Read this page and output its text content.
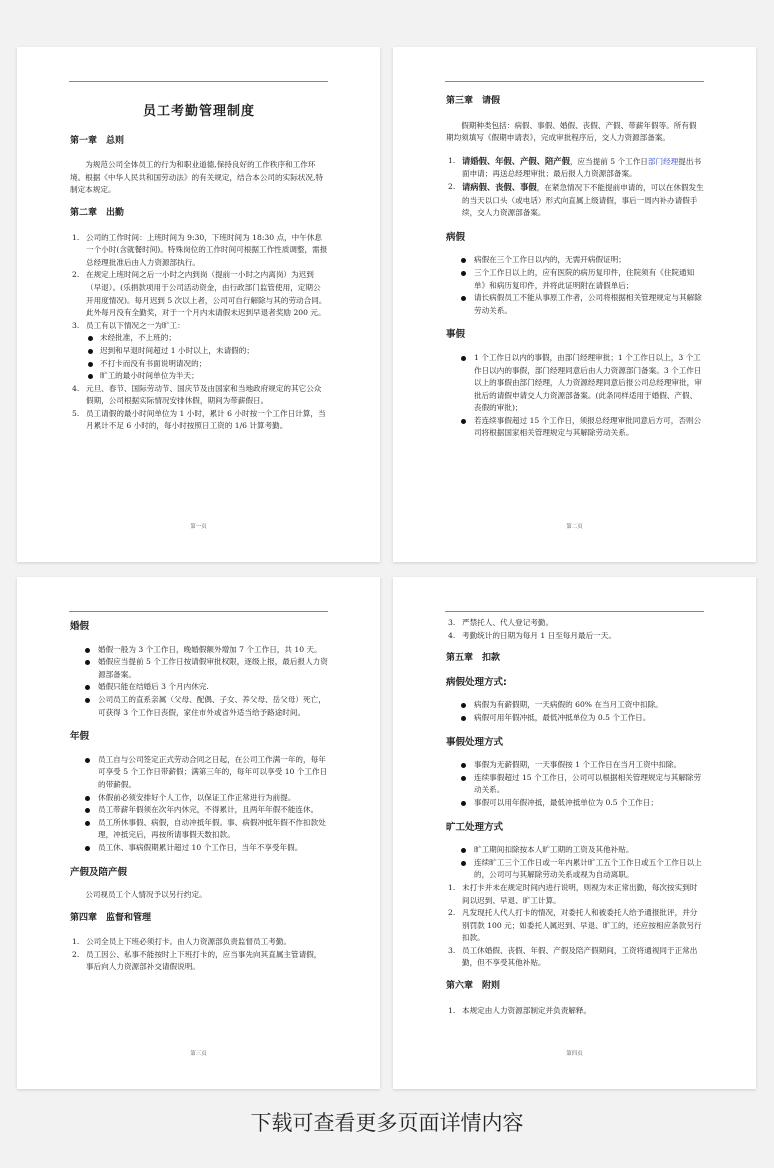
员工考勤管理制度
第一章　总则
为规范公司全体员工的行为和职业道德,保持良好的工作秩序和工作环境。根据《中华人民共和国劳动法》的有关规定，结合本公司的实际状况,特制定本规定。
第二章　出勤
1. 公司的工作时间：上班时间为 9:30，下班时间为 18:30 点，中午休息一个小时(含就餐时间)。特殊岗位的工作时间可根据工作性质调整，需报总经理批准后由人力资源部执行。
2. 在规定上班时间之后一小时之内到岗（提前一小时之内离岗）为迟到（早退）。(乐捐款项用于公司活动资金，由行政部门监管使用，定期公开用度情况)。每月迟到 5 次以上者，公司可自行解除与其的劳动合同。此外每月没有全勤奖，对于一个月内未请假未迟到早退者奖励 200 元。
3. 员工有以下情况之一为旷工：
未经批准，不上班的；
迟到和早退时间超过 1 小时以上，未请假的；
不打卡而没有书面说明请况的；
旷工的最小时间单位为半天；
4. 元旦、春节、国际劳动节、国庆节及由国家和当地政府规定的其它公众假期，公司根据实际情况安排休假，期间为带薪假日。
5. 员工请假的最小时间单位为 1 小时，累计 6 小时按一个工作日计算，当月累计不足 6 小时的，每小时按照日工资的 1/6 计算考勤。
第一页
第三章　请假
假期种类包括：病假、事假、婚假、丧假、产假、带薪年假等。所有假期均须填写《假期申请表》，完成审批程序后，交人力资源部备案。
1. 请婚假、年假、产假、陪产假，应当提前 5 个工作日部门经理提出书面申请；再送总经理审批；最后报人力资源部备案。
2. 请病假、丧假、事假，在紧急情况下不能提前申请的，可以在休假发生的当天以口头（或电话）形式向直属上级请假，事后一周内补办请假手续，交人力资源部备案。
病假
病假在三个工作日以内的，无需开病假证明；
三个工作日以上的，应有医院的病历复印件，住院须有《住院通知单》和病历复印件，并将此证明附在请假单后；
请长病假员工不能从事原工作者，公司将根据相关管理规定与其解除劳动关系。
事假
1 个工作日以内的事假，由部门经理审批；1 个工作日以上，3 个工作日以内的事假，部门经理同意后由人力资源部门备案。3 个工作日以上的事假由部门经理，人力资源经理同意后报公司总经理审批，审批后的请假申请交人力资源部备案。(此条同样适用于婚假、产假、丧假的审批)；
若连续事假超过 15 个工作日，须报总经理审批同意后方可，否则公司将根据国家相关管理规定与其解除劳动关系。
第二页
婚假
婚假一般为 3 个工作日，晚婚假额外增加 7 个工作日，共 10 天。
婚假应当提前 5 个工作日按请假审批权限，逐级上报，最后报人力资源部备案。
婚假只能在结婚后 3 个月内休完.
公司员工的直系亲属（父母、配偶、子女、养父母、岳父母）死亡，可获得 3 个工作日丧假，家住市外或省外适当给予路途时间。
年假
员工自与公司签定正式劳动合同之日起，在公司工作满一年的，每年可享受 5 个工作日带薪假；满第三年的，每年可以享受 10 个工作日的带薪假。
休假前必须安排好个人工作，以保证工作正常进行为前提。
员工带薪年假须在次年内休完，不得累计，且两年年假不能连休。
员工所休事假、病假，自动冲抵年假。事、病假冲抵年假不作扣款处理，冲抵完后，再按所请事假天数扣款。
员工休、事病假期累计超过 10 个工作日，当年不享受年假。
产假及陪产假
公司视员工个人情况予以另行约定。
第四章　监督和管理
1. 公司全员上下班必须打卡。由人力资源部负责监督员工考勤。
2. 员工因公、私事不能按时上下班打卡的，应当事先向其直属主管请假，事后向人力资源部补交请假说明。
第三页
3. 严禁托人、代人登记考勤。
4. 考勤统计的日期为每月 1 日至每月最后一天。
第五章　扣款
病假处理方式:
病假为有薪假期，一天病假的 60% 在当月工资中扣除。
病假可用年假冲抵，最低冲抵单位为 0.5 个工作日。
事假处理方式
事假为无薪假期，一天事假按 1 个工作日在当月工资中扣除。
连续事假超过 15 个工作日，公司可以根据相关管理规定与其解除劳动关系。
事假可以用年假冲抵，最低冲抵单位为 0.5 个工作日；
旷工处理方式
旷工期间扣除按本人旷工期的工资及其他补贴。
连续旷工三个工作日或一年内累计旷工五个工作日或五个工作日以上的，公司可与其解除劳动关系或视为自动离职。
1. 未打卡并未在规定时间内进行说明，则视为未正常出勤，每次按实到时间以迟到、早退、旷工计算。
2. 凡发现托人代人打卡的情况，对委托人和被委托人给予通报批评，并分别罚款 100 元；如委托人属迟到、早退、旷工的，还应按相应条款另行扣款。
3. 员工休婚假、丧假、年假、产假及陪产假期间，工资将通视同于正常出勤，但不享受其他补贴。
第六章　附则
1. 本规定由人力资源部制定并负责解释。
第四页
下载可查看更多页面详情内容
